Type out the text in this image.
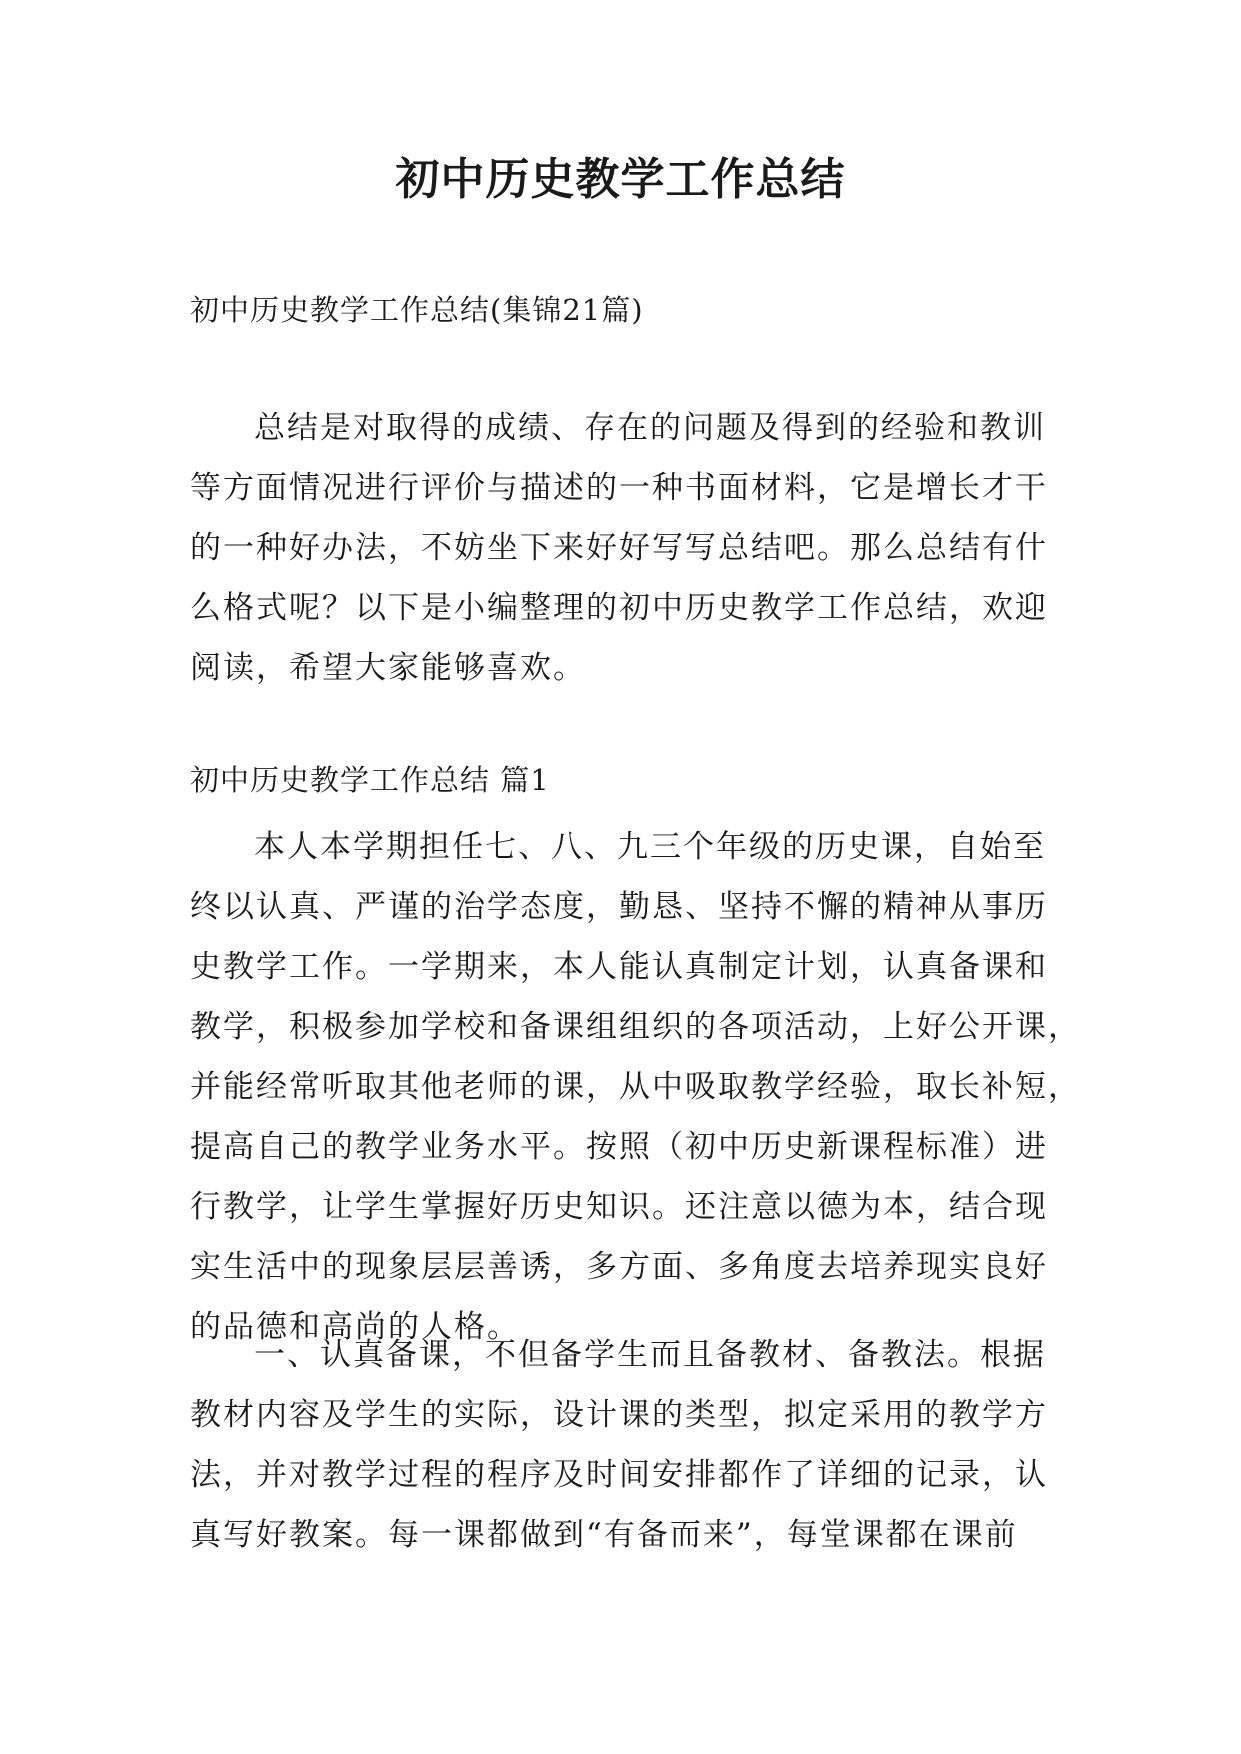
初中历史教学工作总结

初中历史教学工作总结(集锦21篇)

总结是对取得的成绩、存在的问题及得到的经验和教训
等方面情况进行评价与描述的一种书面材料，它是增长才干
的一种好办法，不妨坐下来好好写写总结吧。那么总结有什
么格式呢？以下是小编整理的初中历史教学工作总结，欢迎
阅读，希望大家能够喜欢。

初中历史教学工作总结 篇1

本人本学期担任七、八、九三个年级的历史课，自始至
终以认真、严谨的治学态度，勤恳、坚持不懈的精神从事历
史教学工作。一学期来，本人能认真制定计划，认真备课和
教学，积极参加学校和备课组组织的各项活动，上好公开课，
并能经常听取其他老师的课，从中吸取教学经验，取长补短，
提高自己的教学业务水平。按照（初中历史新课程标准）进
行教学，让学生掌握好历史知识。还注意以德为本，结合现
实生活中的现象层层善诱，多方面、多角度去培养现实良好
的品德和高尚的人格。
一、认真备课，不但备学生而且备教材、备教法。根据
教材内容及学生的实际，设计课的类型，拟定采用的教学方
法，并对教学过程的程序及时间安排都作了详细的记录，认
真写好教案。每一课都做到“有备而来”，每堂课都在课前
